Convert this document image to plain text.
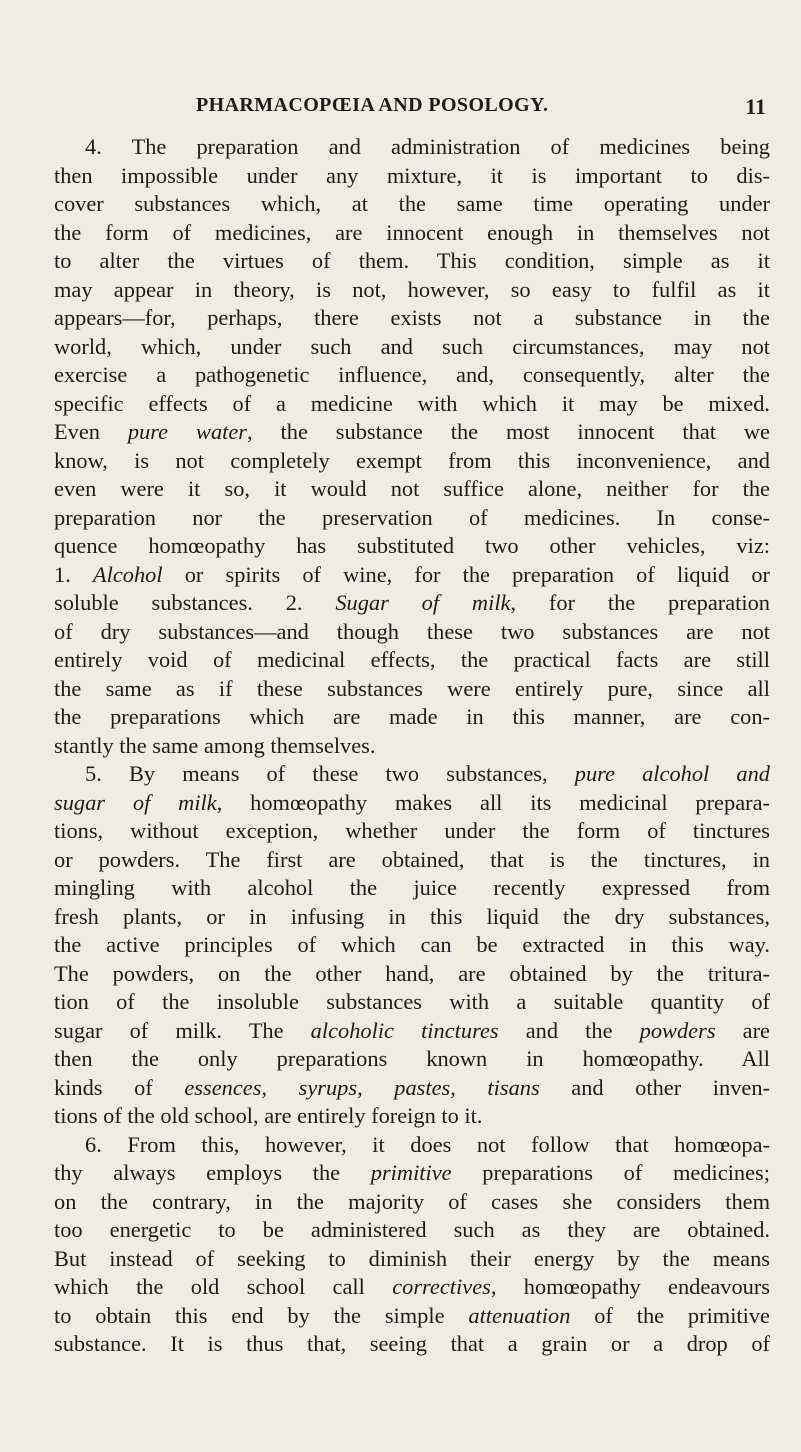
PHARMACOPŒIA AND POSOLOGY.	11
4. The preparation and administration of medicines being
then impossible under any mixture, it is important to dis-
cover substances which, at the same time operating under
the form of medicines, are innocent enough in themselves not
to alter the virtues of them. This condition, simple as it
may appear in theory, is not, however, so easy to fulfil as it
appears—for, perhaps, there exists not a substance in the
world, which, under such and such circumstances, may not
exercise a pathogenetic influence, and, consequently, alter the
specific effects of a medicine with which it may be mixed.
Even pure water, the substance the most innocent that we
know, is not completely exempt from this inconvenience, and
even were it so, it would not suffice alone, neither for the
preparation nor the preservation of medicines. In conse-
quence homœopathy has substituted two other vehicles, viz:
1. Alcohol or spirits of wine, for the preparation of liquid or
soluble substances. 2. Sugar of milk, for the preparation
of dry substances—and though these two substances are not
entirely void of medicinal effects, the practical facts are still
the same as if these substances were entirely pure, since all
the preparations which are made in this manner, are con-
stantly the same among themselves.
5. By means of these two substances, pure alcohol and
sugar of milk, homœopathy makes all its medicinal prepara-
tions, without exception, whether under the form of tinctures
or powders. The first are obtained, that is the tinctures, in
mingling with alcohol the juice recently expressed from
fresh plants, or in infusing in this liquid the dry substances,
the active principles of which can be extracted in this way.
The powders, on the other hand, are obtained by the tritura-
tion of the insoluble substances with a suitable quantity of
sugar of milk. The alcoholic tinctures and the powders are
then the only preparations known in homœopathy. All
kinds of essences, syrups, pastes, tisans and other inven-
tions of the old school, are entirely foreign to it.
6. From this, however, it does not follow that homœopa-
thy always employs the primitive preparations of medicines;
on the contrary, in the majority of cases she considers them
too energetic to be administered such as they are obtained.
But instead of seeking to diminish their energy by the means
which the old school call correctives, homœopathy endeavours
to obtain this end by the simple attenuation of the primitive
substance. It is thus that, seeing that a grain or a drop of
